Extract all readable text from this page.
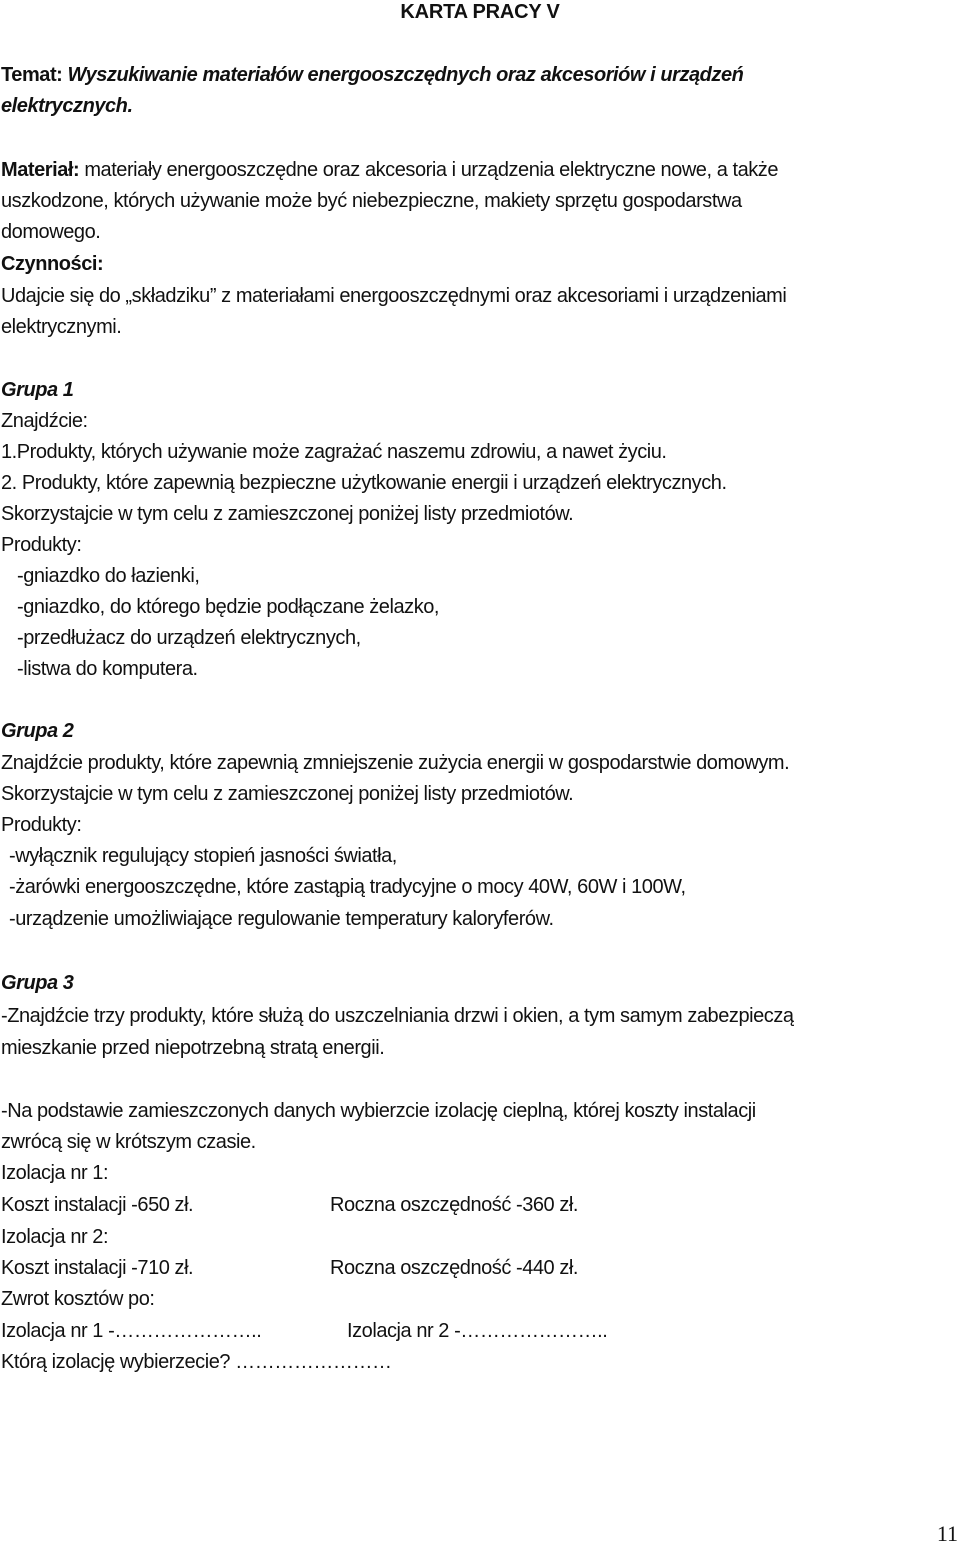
KARTA PRACY V
Temat: Wyszukiwanie materiałów energooszczędnych oraz akcesoriów i urządzeń
elektrycznych.
Materiał: materiały energooszczędne oraz akcesoria i urządzenia elektryczne nowe, a także
uszkodzone, których używanie może być niebezpieczne, makiety sprzętu gospodarstwa
domowego.
Czynności:
Udajcie się do „składziku” z materiałami energooszczędnymi oraz akcesoriami i urządzeniami
elektrycznymi.
Grupa 1
Znajdźcie:
1.Produkty, których używanie może zagrażać naszemu zdrowiu, a nawet życiu.
2. Produkty, które zapewnią bezpieczne użytkowanie energii i urządzeń elektrycznych.
Skorzystajcie w tym celu z zamieszczonej poniżej listy przedmiotów.
Produkty:
-gniazdko do łazienki,
-gniazdko, do którego będzie podłączane żelazko,
-przedłużacz do urządzeń elektrycznych,
-listwa do komputera.
Grupa 2
Znajdźcie produkty, które zapewnią zmniejszenie zużycia energii w gospodarstwie domowym.
Skorzystajcie w tym celu z zamieszczonej poniżej listy przedmiotów.
Produkty:
-wyłącznik regulujący stopień jasności światła,
-żarówki energooszczędne, które zastąpią tradycyjne o mocy 40W, 60W i 100W,
-urządzenie umożliwiające regulowanie temperatury kaloryferów.
Grupa 3
-Znajdźcie trzy produkty, które służą do uszczelniania drzwi i okien, a tym samym zabezpieczą
mieszkanie przed niepotrzebną stratą energii.
-Na podstawie zamieszczonych danych wybierzcie izolację cieplną, której koszty instalacji
zwrócą się w krótszym czasie.
Izolacja nr 1:
Koszt instalacji -650 zł.	Roczna oszczędność -360 zł.
Izolacja nr 2:
Koszt instalacji -710 zł.	Roczna oszczędność -440 zł.
Zwrot kosztów po:
Izolacja nr 1 -…………………..	Izolacja nr 2 -…………………..
Którą izolację wybierzecie? ……………………
11
